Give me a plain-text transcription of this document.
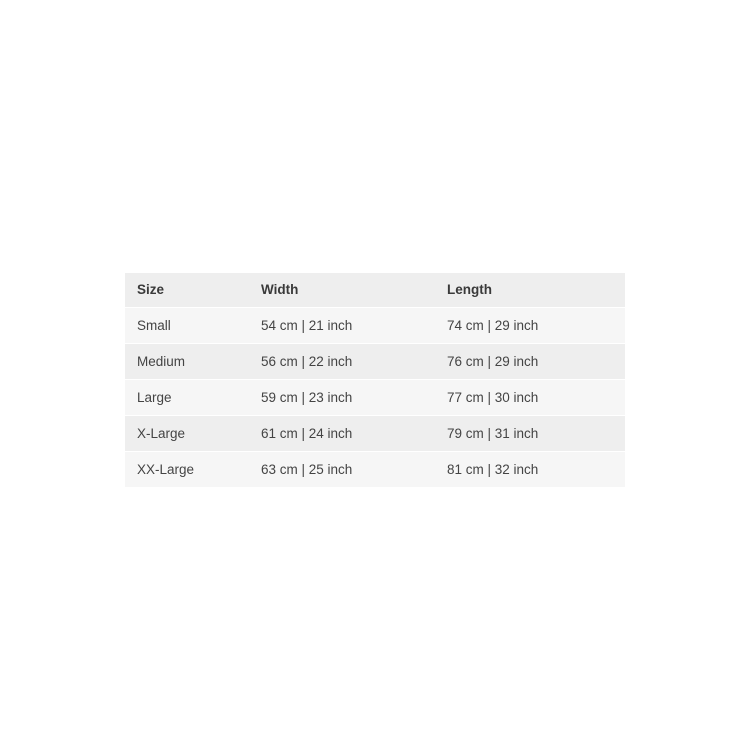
Size	Width	Length
Small	54 cm | 21 inch	74 cm | 29 inch
Medium	56 cm | 22 inch	76 cm | 29 inch
Large	59 cm | 23 inch	77 cm | 30 inch
X-Large	61 cm | 24 inch	79 cm | 31 inch
XX-Large	63 cm | 25 inch	81 cm | 32 inch
